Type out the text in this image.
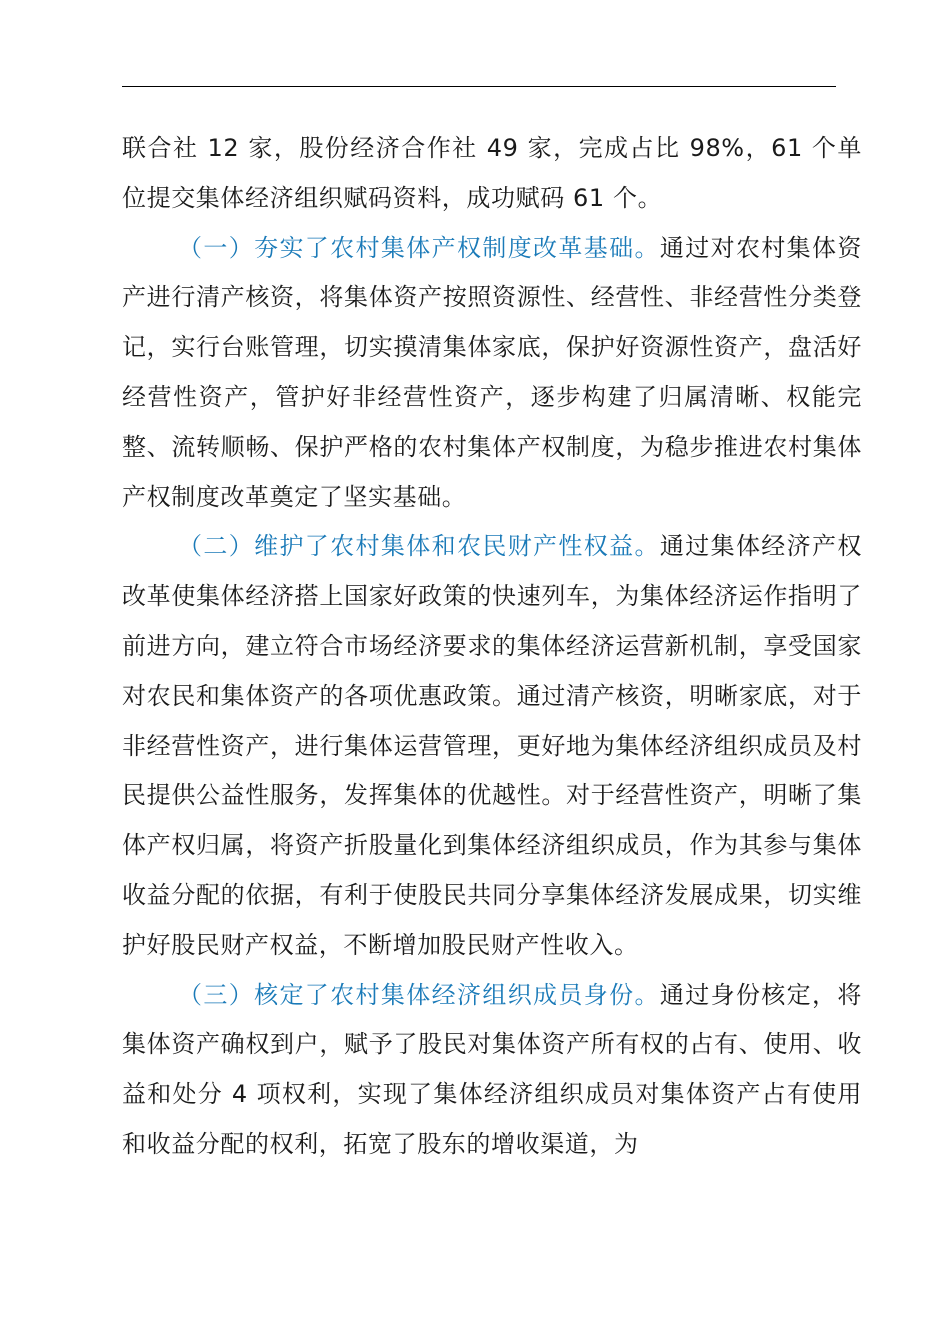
联合社 12 家，股份经济合作社 49 家，完成占比 98%，61 个单位提交集体经济组织赋码资料，成功赋码 61 个。

（一）夯实了农村集体产权制度改革基础。通过对农村集体资产进行清产核资，将集体资产按照资源性、经营性、非经营性分类登记，实行台账管理，切实摸清集体家底，保护好资源性资产，盘活好经营性资产，管护好非经营性资产，逐步构建了归属清晰、权能完整、流转顺畅、保护严格的农村集体产权制度，为稳步推进农村集体产权制度改革奠定了坚实基础。

（二）维护了农村集体和农民财产性权益。通过集体经济产权改革使集体经济搭上国家好政策的快速列车，为集体经济运作指明了前进方向，建立符合市场经济要求的集体经济运营新机制，享受国家对农民和集体资产的各项优惠政策。通过清产核资，明晰家底，对于非经营性资产，进行集体运营管理，更好地为集体经济组织成员及村民提供公益性服务，发挥集体的优越性。对于经营性资产，明晰了集体产权归属，将资产折股量化到集体经济组织成员，作为其参与集体收益分配的依据，有利于使股民共同分享集体经济发展成果，切实维护好股民财产权益，不断增加股民财产性收入。

（三）核定了农村集体经济组织成员身份。通过身份核定，将集体资产确权到户，赋予了股民对集体资产所有权的占有、使用、收益和处分 4 项权利，实现了集体经济组织成员对集体资产占有使用和收益分配的权利，拓宽了股东的增收渠道，为
